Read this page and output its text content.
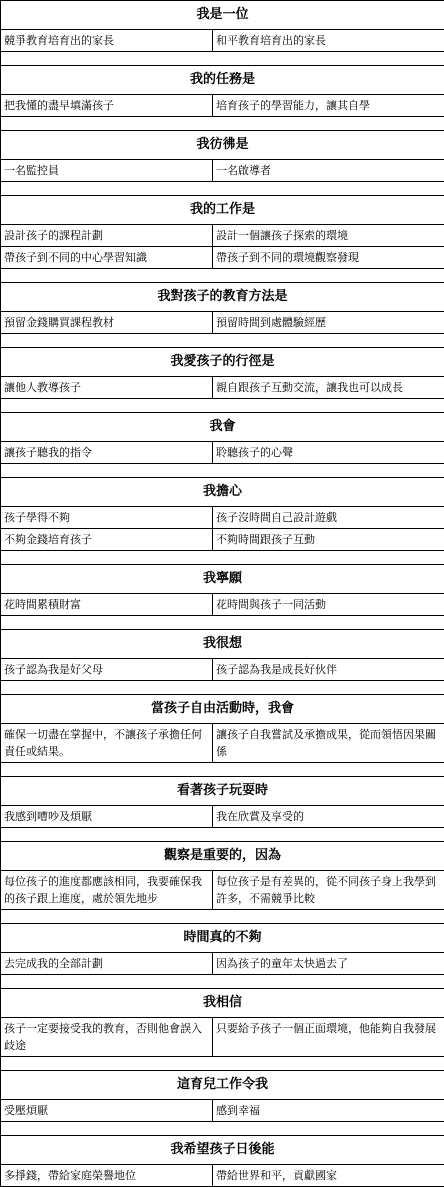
我是一位	
競爭教育培育出的家長	和平教育培育出的家長

我的任務是	
把我懂的盡早填滿孩子	培育孩子的學習能力，讓其自學

我彷彿是	
一名監控員	一名啟導者

我的工作是	
設計孩子的課程計劃	設計一個讓孩子探索的環境
帶孩子到不同的中心學習知識	帶孩子到不同的環境觀察發現

我對孩子的教育方法是	
預留金錢購買課程教材	預留時間到處體驗經歷

我愛孩子的行徑是	
讓他人教導孩子	親自跟孩子互動交流，讓我也可以成長

我會	
讓孩子聽我的指令	聆聽孩子的心聲

我擔心	
孩子學得不夠	孩子沒時間自己設計遊戲
不夠金錢培育孩子	不夠時間跟孩子互動

我寧願	
花時間累積財富	花時間與孩子一同活動

我很想	
孩子認為我是好父母	孩子認為我是成長好伙伴

當孩子自由活動時，我會	
確保一切盡在掌握中，不讓孩子承擔任何責任或結果。	讓孩子自我嘗試及承擔成果，從而領悟因果關係

看著孩子玩耍時	
我感到嘈吵及煩厭	我在欣賞及享受的

觀察是重要的，因為	
每位孩子的進度都應該相同，我要確保我的孩子跟上進度，處於領先地步	每位孩子是有差異的，從不同孩子身上我學到許多，不需競爭比較

時間真的不夠	
去完成我的全部計劃	因為孩子的童年太快過去了

我相信	
孩子一定要接受我的教育，否則他會誤入歧途	只要給予孩子一個正面環境，他能夠自我發展

這育兒工作令我	
受壓煩厭	感到幸福

我希望孩子日後能	
多掙錢，帶給家庭榮譽地位	帶給世界和平，貢獻國家
